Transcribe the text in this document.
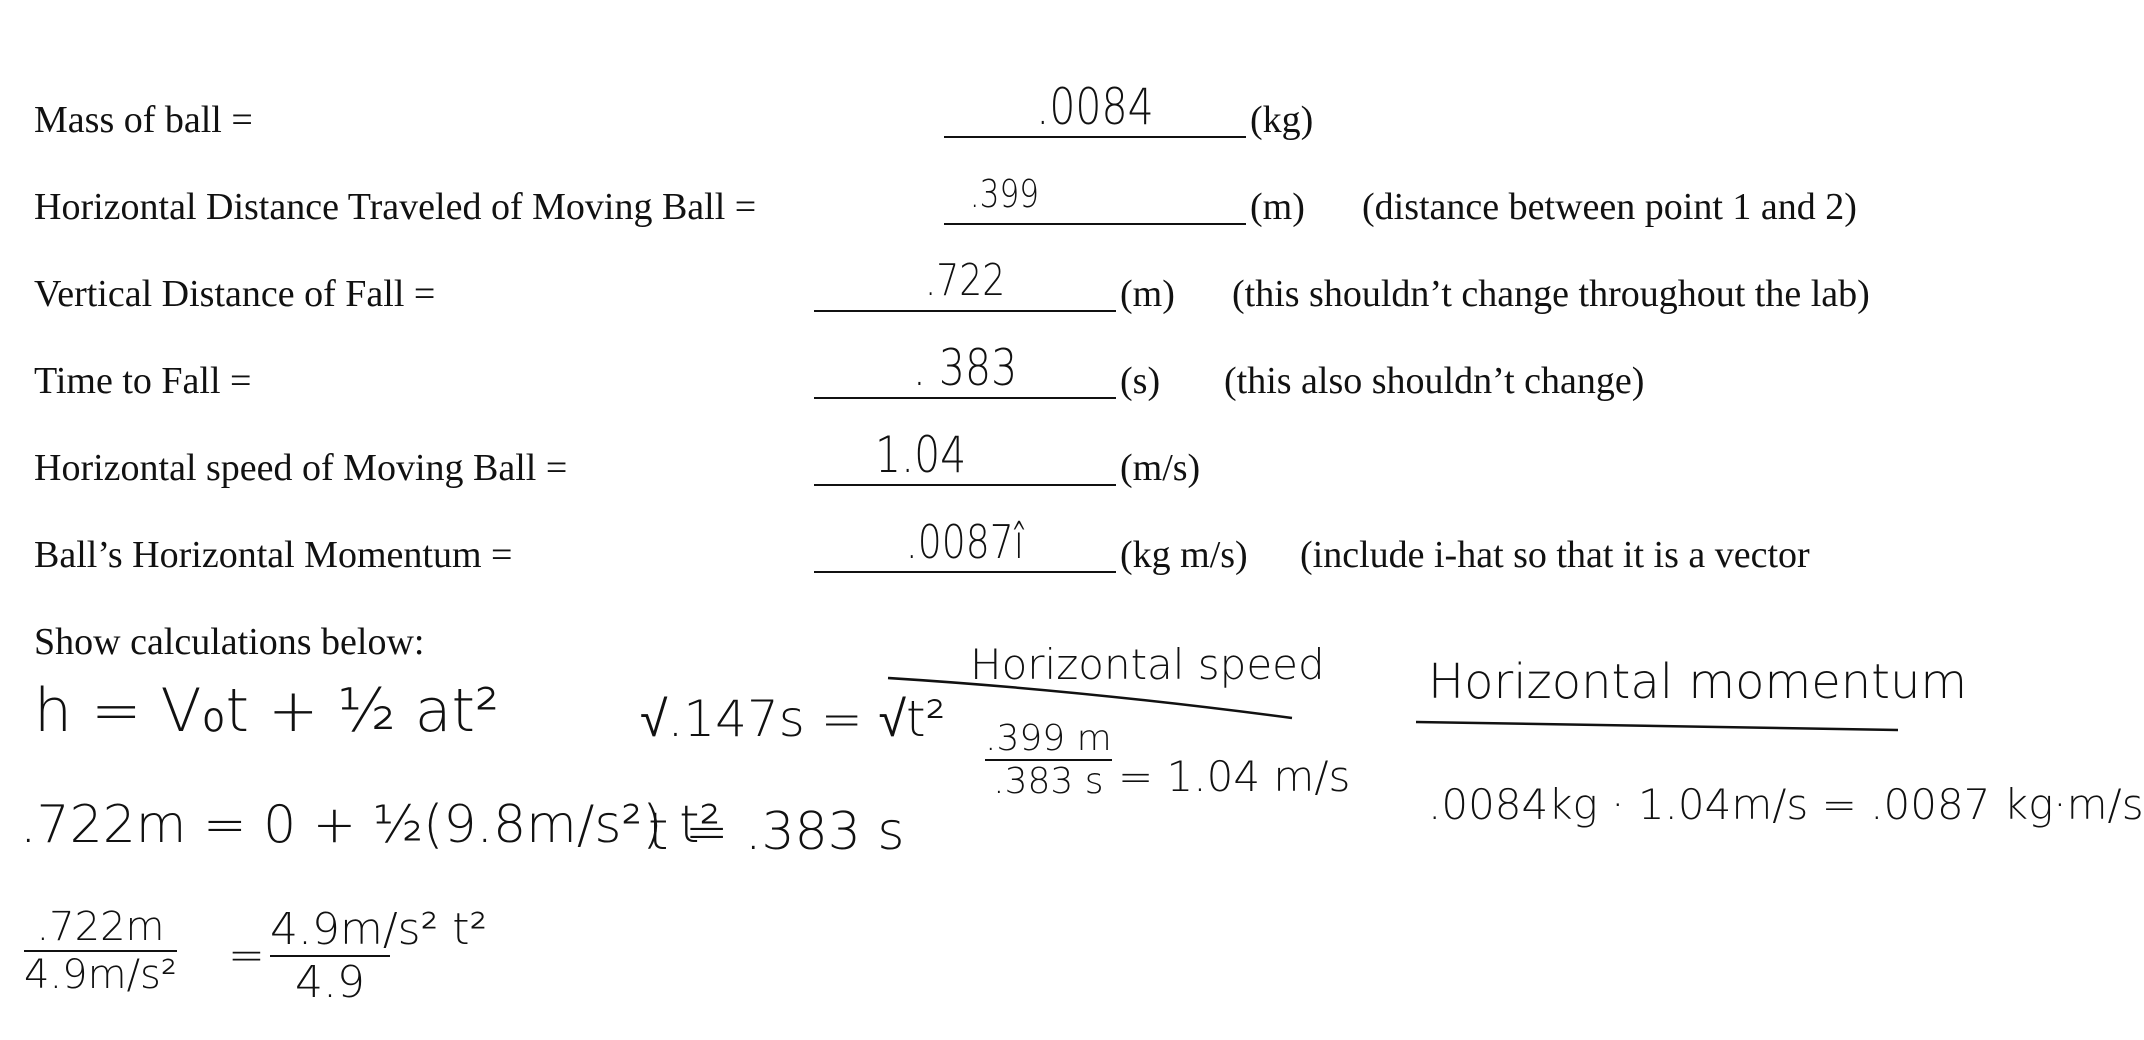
Mass of ball =	.0084	(kg)
Horizontal Distance Traveled of Moving Ball =	.399	(m) (distance between point 1 and 2)
Vertical Distance of Fall =	.722	(m) (this shouldn’t change throughout the lab)
Time to Fall =	. 383	(s) (this also shouldn’t change)
Horizontal speed of Moving Ball =	1.04	(m/s)
Ball’s Horizontal Momentum =	.0087î	(kg m/s) (include i-hat so that it is a vector
Show calculations below:
h = V₀t + ½ at²
.722m = 0 + ½(9.8m/s²) t²
.722m
4.9m/s² =
4.9m/s² t²
4.9
√.147s = √t²
t = .383 s
Horizontal speed
.399 m
.383 s = 1.04 m/s
Horizontal momentum
.0084kg · 1.04m/s = .0087 kg·m/s
